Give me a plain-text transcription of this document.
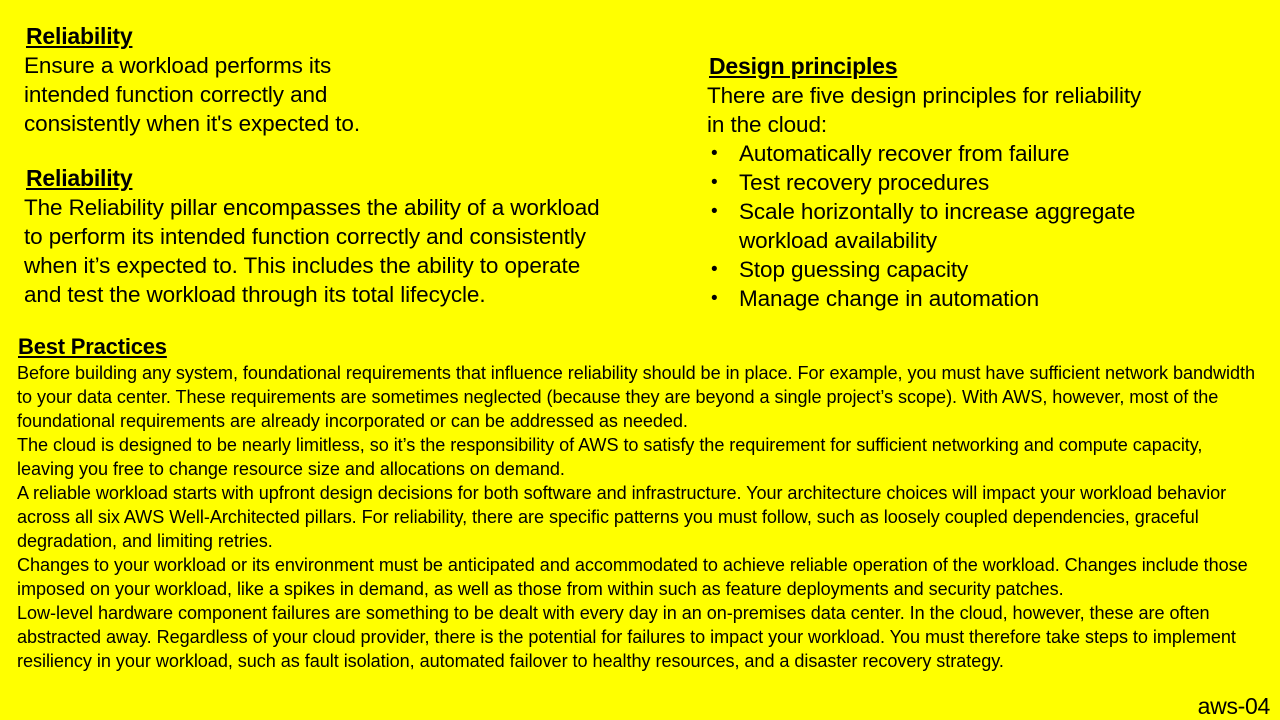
Reliability
Ensure a workload performs its
intended function correctly and
consistently when it's expected to.
Reliability
The Reliability pillar encompasses the ability of a workload
to perform its intended function correctly and consistently
when it’s expected to. This includes the ability to operate
and test the workload through its total lifecycle.
Design principles
There are five design principles for reliability
in the cloud:
• Automatically recover from failure
• Test recovery procedures
• Scale horizontally to increase aggregate
workload availability
• Stop guessing capacity
• Manage change in automation
Best Practices

Before building any system, foundational requirements that influence reliability should be in place. For example, you must have sufficient network bandwidth to your data center. These requirements are sometimes neglected (because they are beyond a single project’s scope). With AWS, however, most of the foundational requirements are already incorporated or can be addressed as needed.

The cloud is designed to be nearly limitless, so it’s the responsibility of AWS to satisfy the requirement for sufficient networking and compute capacity, leaving you free to change resource size and allocations on demand.

A reliable workload starts with upfront design decisions for both software and infrastructure. Your architecture choices will impact your workload behavior across all six AWS Well-Architected pillars. For reliability, there are specific patterns you must follow, such as loosely coupled dependencies, graceful degradation, and limiting retries.

Changes to your workload or its environment must be anticipated and accommodated to achieve reliable operation of the workload. Changes include those imposed on your workload, like a spikes in demand, as well as those from within such as feature deployments and security patches.

Low-level hardware component failures are something to be dealt with every day in an on-premises data center. In the cloud, however, these are often abstracted away. Regardless of your cloud provider, there is the potential for failures to impact your workload. You must therefore take steps to implement resiliency in your workload, such as fault isolation, automated failover to healthy resources, and a disaster recovery strategy.

aws-04
